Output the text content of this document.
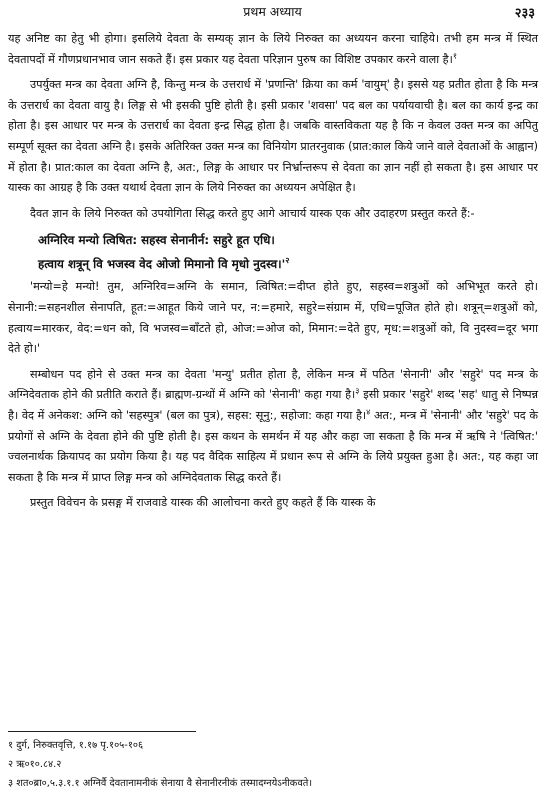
प्रथम अध्याय	२३३

यह अनिष्ट का हेतु भी होगा। इसलिये देवता के सम्यक् ज्ञान के लिये निरुक्त का अध्ययन करना चाहिये। तभी हम मन्त्र में स्थित देवतापदों में गौणप्रधानभाव जान सकते हैं। इस प्रकार यह देवता परिज्ञान पुरुष का विशिष्ट उपकार करने वाला है।$^१$

उपर्युक्त मन्त्र का देवता अग्नि है, किन्तु मन्त्र के उत्तरार्ध में 'प्रणन्ति' क्रिया का कर्म 'वायुम्' है। इससे यह प्रतीत होता है कि मन्त्र के उत्तरार्ध का देवता वायु है। लिङ्ग से भी इसकी पुष्टि होती है। इसी प्रकार 'शवसा' पद बल का पर्यायवाची है। बल का कार्य इन्द्र का होता है। इस आधार पर मन्त्र के उत्तरार्ध का देवता इन्द्र सिद्ध होता है। जबकि वास्तविकता यह है कि न केवल उक्त मन्त्र का अपितु सम्पूर्ण सूक्त का देवता अग्नि है। इसके अतिरिक्त उक्त मन्त्र का विनियोग प्रातरनुवाक (प्रात:काल किये जाने वाले देवताओं के आह्वान) में होता है। प्रात:काल का देवता अग्नि है, अत:, लिङ्ग के आधार पर निर्भ्रान्तरूप से देवता का ज्ञान नहीं हो सकता है। इस आधार पर यास्क का आग्रह है कि उक्त यथार्थ देवता ज्ञान के लिये निरुक्त का अध्ययन अपेक्षित है।

दैवत ज्ञान के लिये निरुक्त को उपयोगिता सिद्ध करते हुए आगे आचार्य यास्क एक और उदाहरण प्रस्तुत करते हैं:-

अग्निरिव मन्यो त्विषित: सहस्व सेनानीर्न: सहुरे हूत एधि।
हत्वाय शत्रून् वि भजस्व वेद ओजो मिमानो वि मृधो $नुदस्व।'^२$

'मन्यो=हे मन्यो! तुम, अग्निरिव=अग्नि के समान, त्विषित:=दीप्त होते हुए, सहस्व=शत्रुओं को अभिभूत करते हो। सेनानी:=सहनशील सेनापति, हूत:=आहूत किये जाने पर, न:=हमारे, सहुरे=संग्राम में, एधि=पूजित होते हो। शत्रून्=शत्रुओं को, हत्वाय=मारकर, वेद:=धन को, वि भजस्व=बाँटते हो, ओज:=ओज को, मिमान:=देते हुए, मृध:=शत्रुओं को, वि नुदस्व=दूर भगा देते हो।'

सम्बोधन पद होने से उक्त मन्त्र का देवता 'मन्यु' प्रतीत होता है, लेकिन मन्त्र में पठित 'सेनानी' और 'सहुरे' पद मन्त्र के अग्निदेवताक होने की प्रतीति कराते हैं। ब्राह्मण-ग्रन्थों में अग्नि को 'सेनानी' कहा गया है।$^३$ इसी प्रकार 'सहुरे' शब्द 'सह' धातु से निष्पन्न है। वेद में अनेकश: अग्नि को 'सहस्पुत्र' (बल का पुत्र), सहस: सूनु:, सहोजा: कहा गया है।$^४$ अत:, मन्त्र में 'सेनानी' और 'सहुरे' पद के प्रयोगों से अग्नि के देवता होने की पुष्टि होती है। इस कथन के समर्थन में यह और कहा जा सकता है कि मन्त्र में ऋषि ने 'त्विषित:' ज्वलनार्थक क्रियापद का प्रयोग किया है। यह पद वैदिक साहित्य में प्रधान रूप से अग्नि के लिये प्रयुक्त हुआ है। अत:, यह कहा जा सकता है कि मन्त्र में प्राप्त लिङ्ग मन्त्र को अग्निदेवताक सिद्ध करते हैं।

प्रस्तुत विवेचन के प्रसङ्ग में राजवाडे यास्क की आलोचना करते हुए कहते हैं कि यास्क के

१ दुर्ग, निरुक्तवृत्ति, १.१७ पृ.१०५-१०६
२ ऋ०१०.८४.२
३ शत०ब्रा०,५.३.१.१ अग्निर्वै देवतानामनीकं सेनाया वै सेनानीरनीकं तस्मादग्नयेऽनीकवते।
